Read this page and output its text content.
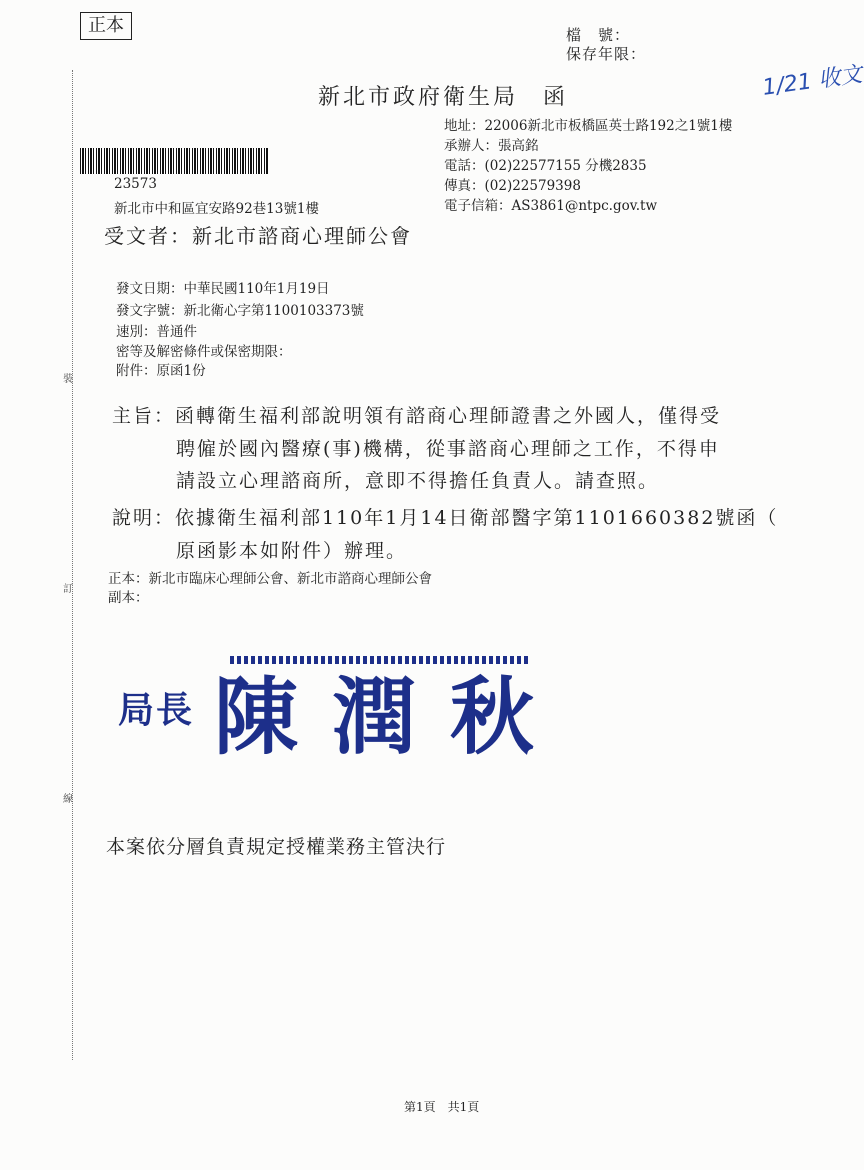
正本	檔　號：
保存年限：
1/21 收文
新北市政府衛生局　函
地址：22006新北市板橋區英士路192之1號1樓
承辦人：張高銘
電話：(02)22577155 分機2835
傳真：(02)22579398
電子信箱：AS3861@ntpc.gov.tw
23573
新北市中和區宜安路92巷13號1樓
受文者：新北市諮商心理師公會
發文日期：中華民國110年1月19日
發文字號：新北衛心字第1100103373號
速別：普通件
密等及解密條件或保密期限：
附件：原函1份
主旨：函轉衛生福利部說明領有諮商心理師證書之外國人，僅得受
聘僱於國內醫療(事)機構，從事諮商心理師之工作，不得申
請設立心理諮商所，意即不得擔任負責人。請查照。
說明：依據衛生福利部110年1月14日衛部醫字第1101660382號函（
原函影本如附件）辦理。
正本：新北市臨床心理師公會、新北市諮商心理師公會
副本：
局長 陳潤秋
本案依分層負責規定授權業務主管決行
第1頁　共1頁
裝
訂
線
